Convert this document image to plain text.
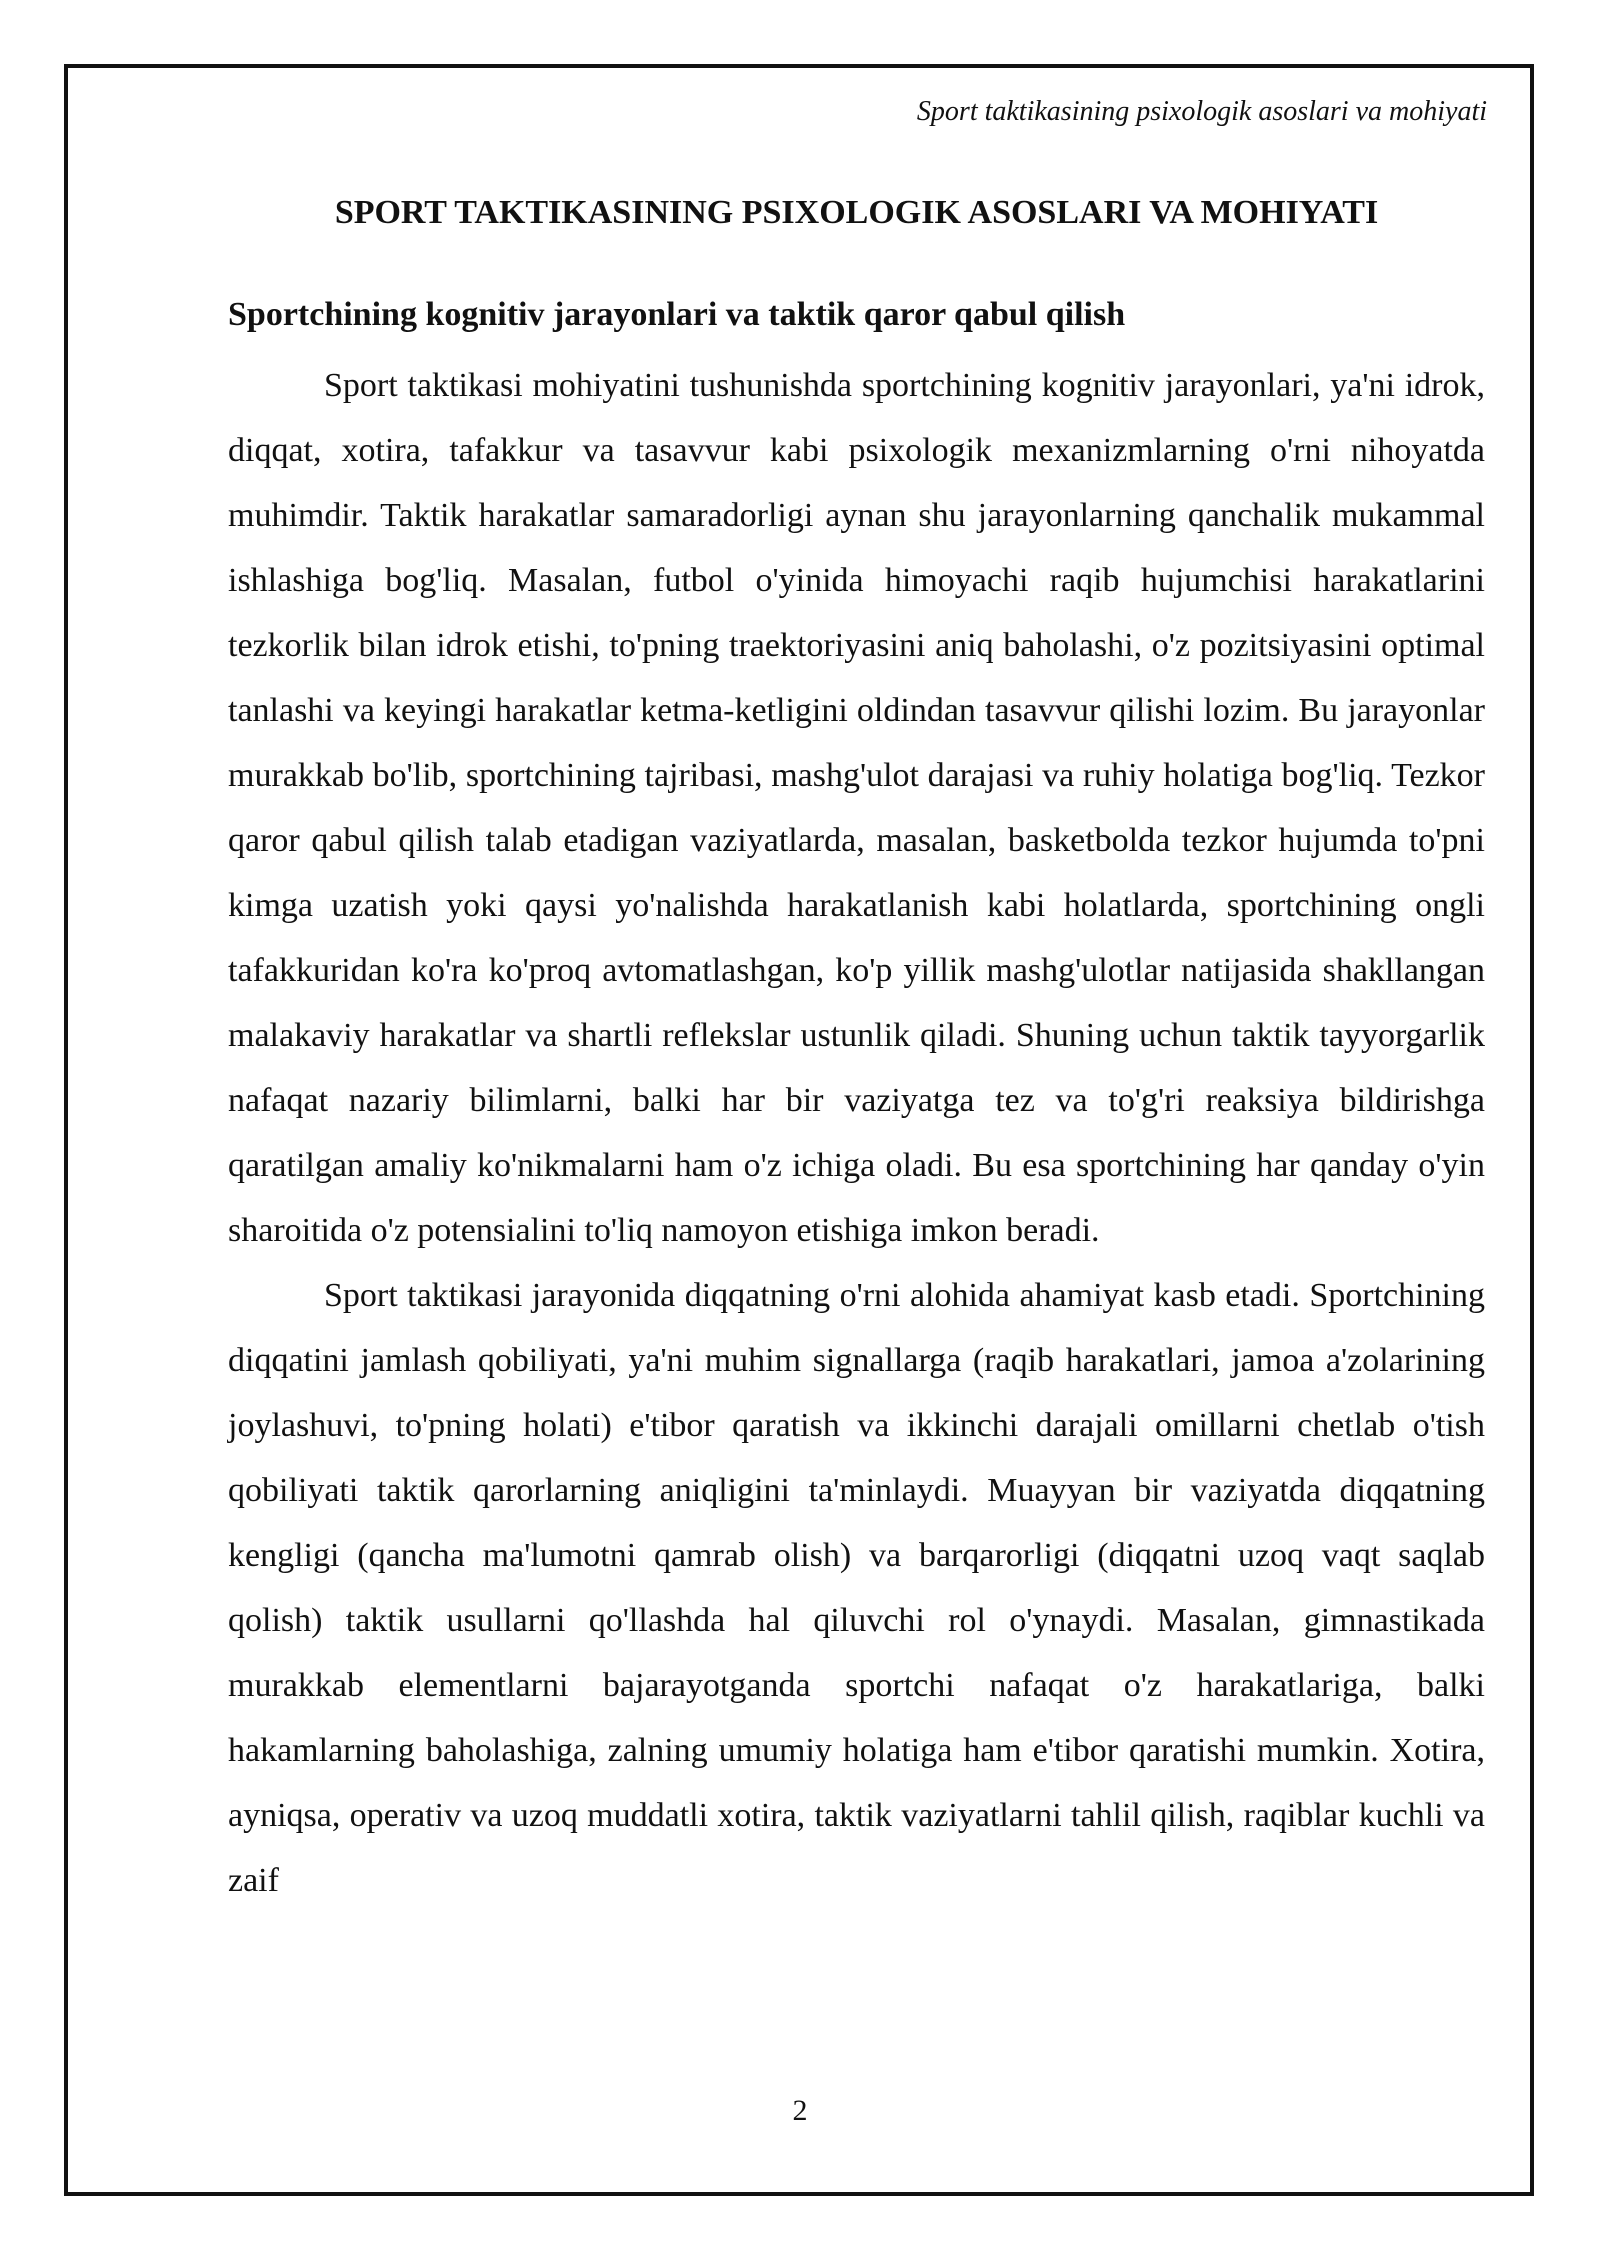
Sport taktikasining psixologik asoslari va mohiyati
SPORT TAKTIKASINING PSIXOLOGIK ASOSLARI VA MOHIYATI
Sportchining kognitiv jarayonlari va taktik qaror qabul qilish

Sport taktikasi mohiyatini tushunishda sportchining kognitiv jarayonlari, ya'ni idrok, diqqat, xotira, tafakkur va tasavvur kabi psixologik mexanizmlarning o'rni nihoyatda muhimdir. Taktik harakatlar samaradorligi aynan shu jarayonlarning qanchalik mukammal ishlashiga bog'liq. Masalan, futbol o'yinida himoyachi raqib hujumchisi harakatlarini tezkorlik bilan idrok etishi, to'pning traektoriyasini aniq baholashi, o'z pozitsiyasini optimal tanlashi va keyingi harakatlar ketma-ketligini oldindan tasavvur qilishi lozim. Bu jarayonlar murakkab bo'lib, sportchining tajribasi, mashg'ulot darajasi va ruhiy holatiga bog'liq. Tezkor qaror qabul qilish talab etadigan vaziyatlarda, masalan, basketbolda tezkor hujumda to'pni kimga uzatish yoki qaysi yo'nalishda harakatlanish kabi holatlarda, sportchining ongli tafakkuridan ko'ra ko'proq avtomatlashgan, ko'p yillik mashg'ulotlar natijasida shakllangan malakaviy harakatlar va shartli reflekslar ustunlik qiladi. Shuning uchun taktik tayyorgarlik nafaqat nazariy bilimlarni, balki har bir vaziyatga tez va to'g'ri reaksiya bildirishga qaratilgan amaliy ko'nikmalarni ham o'z ichiga oladi. Bu esa sportchining har qanday o'yin sharoitida o'z potensialini to'liq namoyon etishiga imkon beradi.

Sport taktikasi jarayonida diqqatning o'rni alohida ahamiyat kasb etadi. Sportchining diqqatini jamlash qobiliyati, ya'ni muhim signallarga (raqib harakatlari, jamoa a'zolarining joylashuvi, to'pning holati) e'tibor qaratish va ikkinchi darajali omillarni chetlab o'tish qobiliyati taktik qarorlarning aniqligini ta'minlaydi. Muayyan bir vaziyatda diqqatning kengligi (qancha ma'lumotni qamrab olish) va barqarorligi (diqqatni uzoq vaqt saqlab qolish) taktik usullarni qo'llashda hal qiluvchi rol o'ynaydi. Masalan, gimnastikada murakkab elementlarni bajarayotganda sportchi nafaqat o'z harakatlariga, balki hakamlarning baholashiga, zalning umumiy holatiga ham e'tibor qaratishi mumkin. Xotira, ayniqsa, operativ va uzoq muddatli xotira, taktik vaziyatlarni tahlil qilish, raqiblar kuchli va zaif

2
